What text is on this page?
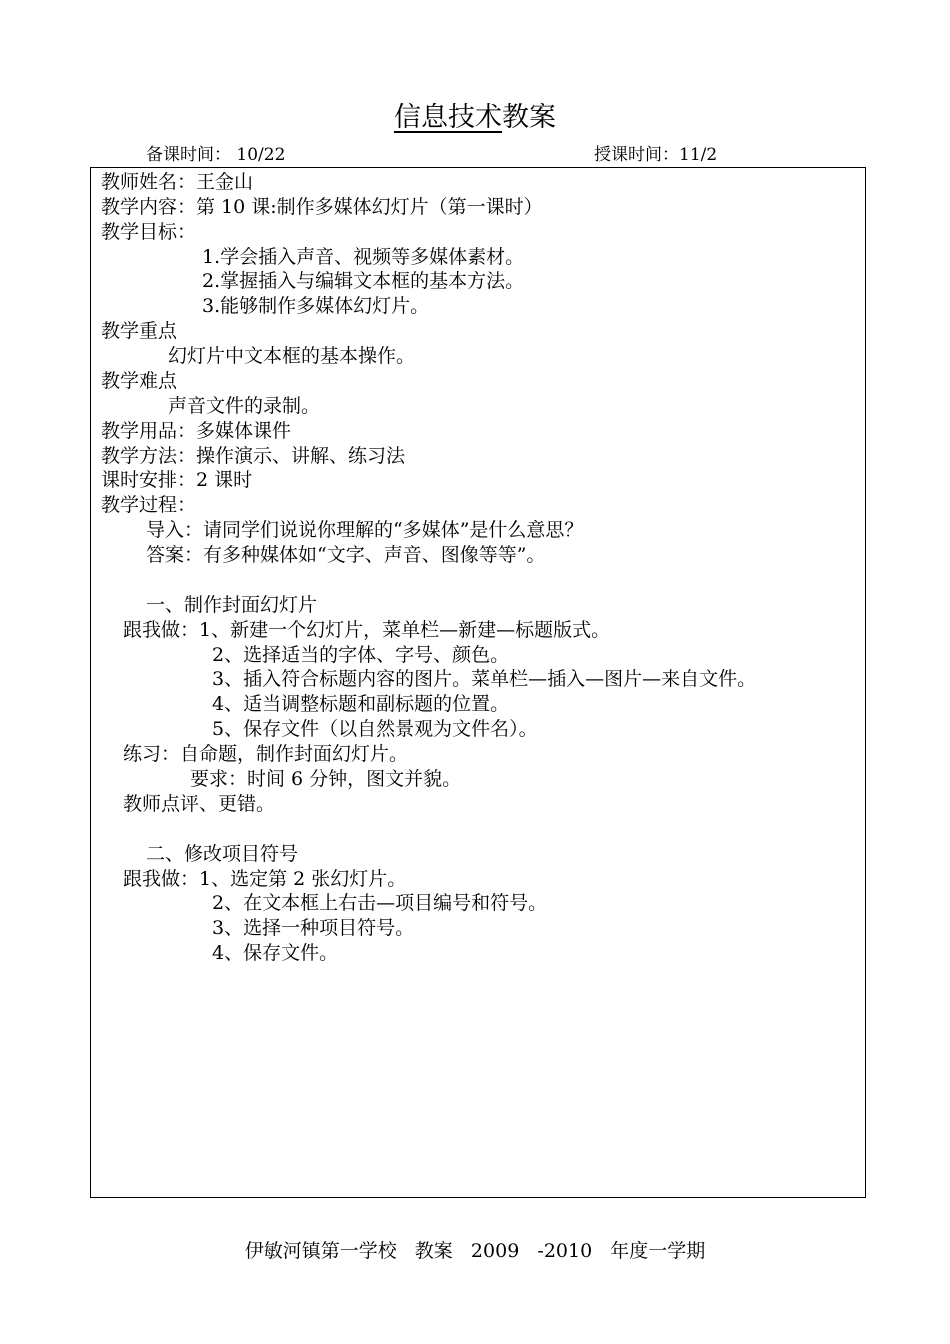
信息技术教案
备课时间： 10/22	授课时间：11/2
教师姓名：王金山
教学内容：第 10 课:制作多媒体幻灯片（第一课时）
教学目标：
1.学会插入声音、视频等多媒体素材。
2.掌握插入与编辑文本框的基本方法。
3.能够制作多媒体幻灯片。
教学重点
幻灯片中文本框的基本操作。
教学难点
声音文件的录制。
教学用品：多媒体课件
教学方法：操作演示、讲解、练习法
课时安排：2 课时
教学过程：
导入：请同学们说说你理解的“多媒体”是什么意思？
答案：有多种媒体如“文字、声音、图像等等”。
一、制作封面幻灯片
跟我做：1、新建一个幻灯片，菜单栏—新建—标题版式。
2、选择适当的字体、字号、颜色。
3、插入符合标题内容的图片。菜单栏—插入—图片—来自文件。
4、适当调整标题和副标题的位置。
5、保存文件（以自然景观为文件名）。
练习：自命题，制作封面幻灯片。
要求：时间 6 分钟，图文并貌。
教师点评、更错。
二、修改项目符号
跟我做：1、选定第 2 张幻灯片。
2、在文本框上右击—项目编号和符号。
3、选择一种项目符号。
4、保存文件。
伊敏河镇第一学校   教案   2009   -2010   年度一学期
